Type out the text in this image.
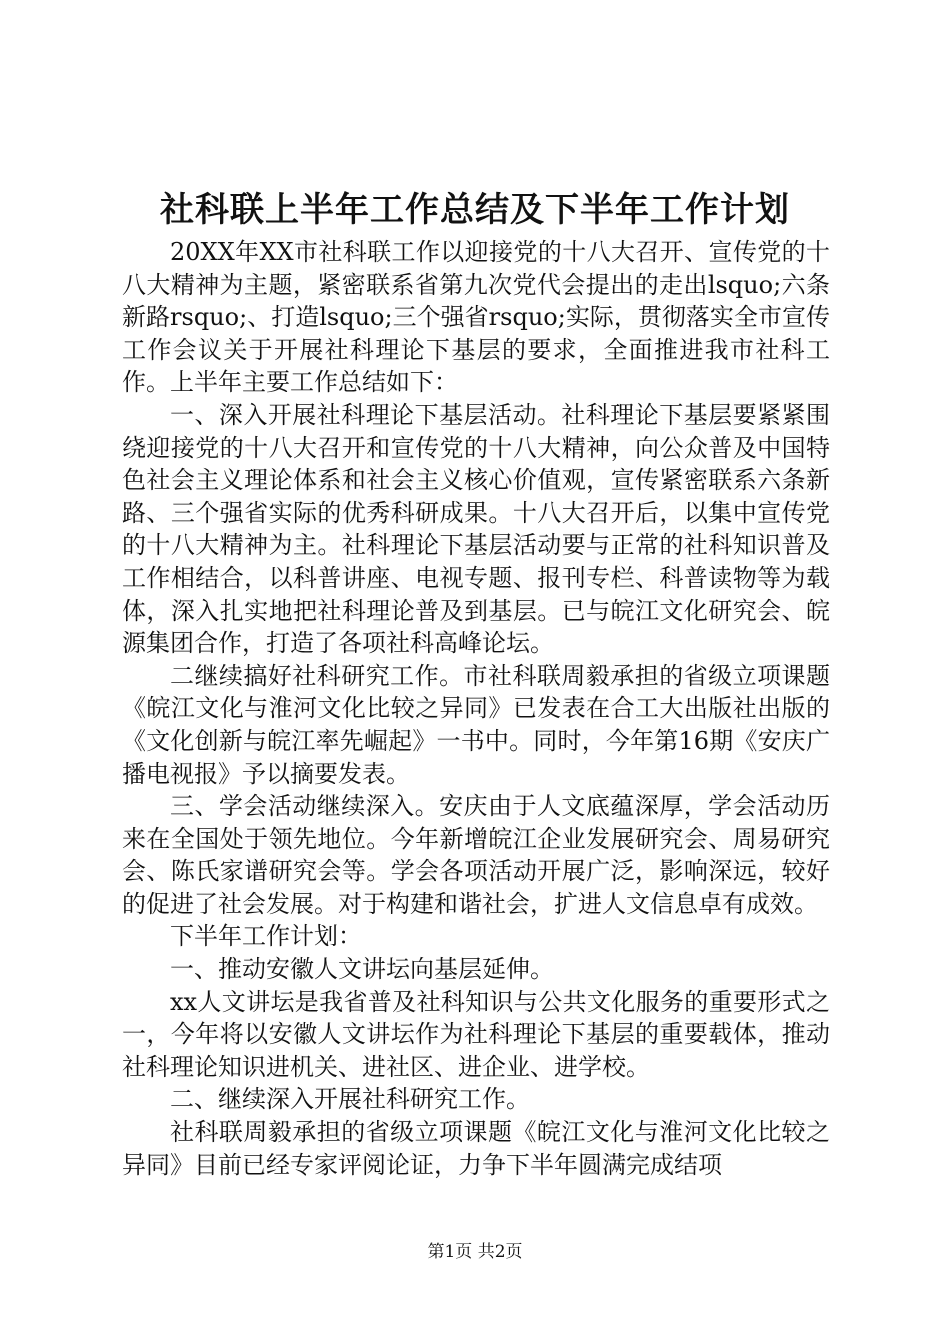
社科联上半年工作总结及下半年工作计划

20XX年XX市社科联工作以迎接党的十八大召开、宣传党的十八大精神为主题，紧密联系省第九次党代会提出的走出lsquo;六条新路rsquo;、打造lsquo;三个强省rsquo;实际，贯彻落实全市宣传工作会议关于开展社科理论下基层的要求，全面推进我市社科工作。上半年主要工作总结如下：

一、深入开展社科理论下基层活动。社科理论下基层要紧紧围绕迎接党的十八大召开和宣传党的十八大精神，向公众普及中国特色社会主义理论体系和社会主义核心价值观，宣传紧密联系六条新路、三个强省实际的优秀科研成果。十八大召开后，以集中宣传党的十八大精神为主。社科理论下基层活动要与正常的社科知识普及工作相结合，以科普讲座、电视专题、报刊专栏、科普读物等为载体，深入扎实地把社科理论普及到基层。已与皖江文化研究会、皖源集团合作，打造了各项社科高峰论坛。

二继续搞好社科研究工作。市社科联周毅承担的省级立项课题《皖江文化与淮河文化比较之异同》已发表在合工大出版社出版的《文化创新与皖江率先崛起》一书中。同时，今年第16期《安庆广播电视报》予以摘要发表。

三、学会活动继续深入。安庆由于人文底蕴深厚，学会活动历来在全国处于领先地位。今年新增皖江企业发展研究会、周易研究会、陈氏家谱研究会等。学会各项活动开展广泛，影响深远，较好的促进了社会发展。对于构建和谐社会，扩进人文信息卓有成效。

下半年工作计划：

一、推动安徽人文讲坛向基层延伸。

xx人文讲坛是我省普及社科知识与公共文化服务的重要形式之一，今年将以安徽人文讲坛作为社科理论下基层的重要载体，推动社科理论知识进机关、进社区、进企业、进学校。

二、继续深入开展社科研究工作。

社科联周毅承担的省级立项课题《皖江文化与淮河文化比较之异同》目前已经专家评阅论证，力争下半年圆满完成结项

第1页 共2页
